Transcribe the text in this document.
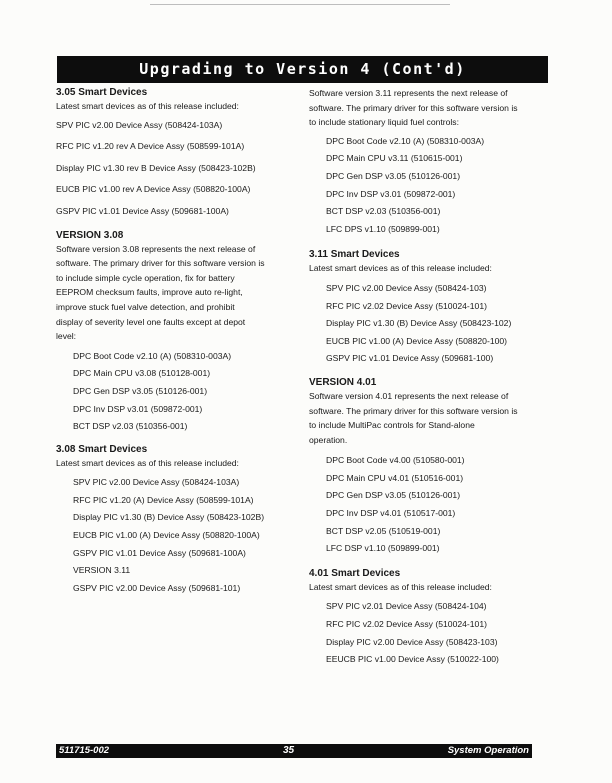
Upgrading to Version 4 (Cont'd)
3.05 Smart Devices
Latest smart devices as of this release included:
SPV PIC v2.00 Device Assy (508424-103A)
RFC PIC v1.20 rev A Device Assy (508599-101A)
Display PIC v1.30 rev B Device Assy (508423-102B)
EUCB PIC v1.00 rev A Device Assy (508820-100A)
GSPV PIC v1.01 Device Assy (509681-100A)
VERSION 3.08
Software version 3.08 represents the next release of
software. The primary driver for this software version is
to include simple cycle operation, fix for battery
EEPROM checksum faults, improve auto re-light,
improve stuck fuel valve detection, and prohibit
display of severity level one faults except at depot
level:
DPC Boot Code v2.10 (A) (508310-003A)
DPC Main CPU v3.08 (510128-001)
DPC Gen DSP v3.05 (510126-001)
DPC Inv DSP v3.01 (509872-001)
BCT DSP v2.03 (510356-001)
3.08 Smart Devices
Latest smart devices as of this release included:
SPV PIC v2.00 Device Assy (508424-103A)
RFC PIC v1.20 (A) Device Assy (508599-101A)
Display PIC v1.30 (B) Device Assy (508423-102B)
EUCB PIC v1.00 (A) Device Assy (508820-100A)
GSPV PIC v1.01 Device Assy (509681-100A)
VERSION 3.11
GSPV PIC v2.00 Device Assy (509681-101)
Software version 3.11 represents the next release of
software. The primary driver for this software version is
to include stationary liquid fuel controls:
DPC Boot Code v2.10 (A) (508310-003A)
DPC Main CPU v3.11 (510615-001)
DPC Gen DSP v3.05 (510126-001)
DPC Inv DSP v3.01 (509872-001)
BCT DSP v2.03 (510356-001)
LFC DPS v1.10 (509899-001)
3.11 Smart Devices
Latest smart devices as of this release included:
SPV PIC v2.00 Device Assy (508424-103)
RFC PIC v2.02 Device Assy (510024-101)
Display PIC v1.30 (B) Device Assy (508423-102)
EUCB PIC v1.00 (A) Device Assy (508820-100)
GSPV PIC v1.01 Device Assy (509681-100)
VERSION 4.01
Software version 4.01 represents the next release of
software. The primary driver for this software version is
to include MultiPac controls for Stand-alone
operation.
DPC Boot Code v4.00 (510580-001)
DPC Main CPU v4.01 (510516-001)
DPC Gen DSP v3.05 (510126-001)
DPC Inv DSP v4.01 (510517-001)
BCT DSP v2.05 (510519-001)
LFC DSP v1.10 (509899-001)
4.01 Smart Devices
Latest smart devices as of this release included:
SPV PIC v2.01 Device Assy (508424-104)
RFC PIC v2.02 Device Assy (510024-101)
Display PIC v2.00 Device Assy (508423-103)
EEUCB PIC v1.00 Device Assy (510022-100)
511715-002	System Operation
35
